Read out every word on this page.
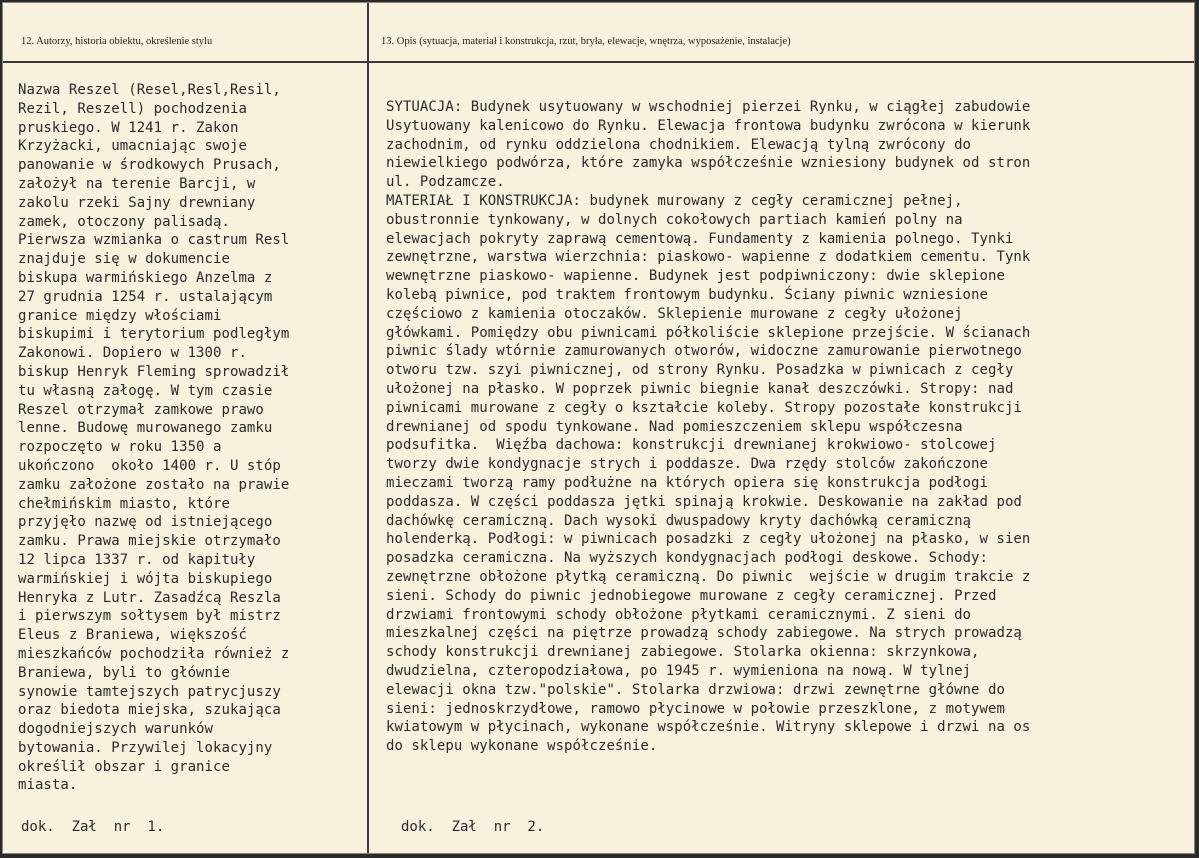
12. Autorzy, historia obiektu, określenie stylu	13. Opis (sytuacja, materiał i konstrukcja, rzut, bryła, elewacje, wnętrza, wyposażenie, instalacje)
Nazwa Reszel (Resel,Resl,Resil,
Rezil, Reszell) pochodzenia
pruskiego. W 1241 r. Zakon
Krzyżacki, umacniając swoje
panowanie w środkowych Prusach,
założył na terenie Barcji, w
zakolu rzeki Sajny drewniany
zamek, otoczony palisadą.
Pierwsza wzmianka o castrum Resl
znajduje się w dokumencie
biskupa warmińskiego Anzelma z
27 grudnia 1254 r. ustalającym
granice między włościami
biskupimi i terytorium podległym
Zakonowi. Dopiero w 1300 r.
biskup Henryk Fleming sprowadził
tu własną załogę. W tym czasie
Reszel otrzymał zamkowe prawo
lenne. Budowę murowanego zamku
rozpoczęto w roku 1350 a
ukończono  około 1400 r. U stóp
zamku założone zostało na prawie
chełmińskim miasto, które
przyjęło nazwę od istniejącego
zamku. Prawa miejskie otrzymało
12 lipca 1337 r. od kapituły
warmińskiej i wójta biskupiego
Henryka z Lutr. Zasadźcą Reszla
i pierwszym sołtysem był mistrz
Eleus z Braniewa, większość
mieszkańców pochodziła również z
Braniewa, byli to głównie
synowie tamtejszych patrycjuszy
oraz biedota miejska, szukająca
dogodniejszych warunków
bytowania. Przywilej lokacyjny
określił obszar i granice
miasta.
SYTUACJA: Budynek usytuowany w wschodniej pierzei Rynku, w ciągłej zabudowie
Usytuowany kalenicowo do Rynku. Elewacja frontowa budynku zwrócona w kierunk
zachodnim, od rynku oddzielona chodnikiem. Elewacją tylną zwrócony do
niewielkiego podwórza, które zamyka współcześnie wzniesiony budynek od stron
ul. Podzamcze.
MATERIAŁ I KONSTRUKCJA: budynek murowany z cegły ceramicznej pełnej,
obustronnie tynkowany, w dolnych cokołowych partiach kamień polny na
elewacjach pokryty zaprawą cementową. Fundamenty z kamienia polnego. Tynki
zewnętrzne, warstwa wierzchnia: piaskowo- wapienne z dodatkiem cementu. Tynk
wewnętrzne piaskowo- wapienne. Budynek jest podpiwniczony: dwie sklepione
kolebą piwnice, pod traktem frontowym budynku. Ściany piwnic wzniesione
częściowo z kamienia otoczaków. Sklepienie murowane z cegły ułożonej
główkami. Pomiędzy obu piwnicami półkoliście sklepione przejście. W ścianach
piwnic ślady wtórnie zamurowanych otworów, widoczne zamurowanie pierwotnego
otworu tzw. szyi piwnicznej, od strony Rynku. Posadzka w piwnicach z cegły
ułożonej na płasko. W poprzek piwnic biegnie kanał deszczówki. Stropy: nad
piwnicami murowane z cegły o kształcie koleby. Stropy pozostałe konstrukcji
drewnianej od spodu tynkowane. Nad pomieszczeniem sklepu współczesna
podsufitka.  Więźba dachowa: konstrukcji drewnianej krokwiowo- stolcowej
tworzy dwie kondygnacje strych i poddasze. Dwa rzędy stolców zakończone
mieczami tworzą ramy podłużne na których opiera się konstrukcja podłogi
poddasza. W części poddasza jętki spinają krokwie. Deskowanie na zakład pod
dachówkę ceramiczną. Dach wysoki dwuspadowy kryty dachówką ceramiczną
holenderką. Podłogi: w piwnicach posadzki z cegły ułożonej na płasko, w sien
posadzka ceramiczna. Na wyższych kondygnacjach podłogi deskowe. Schody:
zewnętrzne obłożone płytką ceramiczną. Do piwnic  wejście w drugim trakcie z
sieni. Schody do piwnic jednobiegowe murowane z cegły ceramicznej. Przed
drzwiami frontowymi schody obłożone płytkami ceramicznymi. Z sieni do
mieszkalnej części na piętrze prowadzą schody zabiegowe. Na strych prowadzą
schody konstrukcji drewnianej zabiegowe. Stolarka okienna: skrzynkowa,
dwudzielna, czteropodziałowa, po 1945 r. wymieniona na nową. W tylnej
elewacji okna tzw."polskie". Stolarka drzwiowa: drzwi zewnętrne główne do
sieni: jednoskrzydłowe, ramowo płycinowe w połowie przeszklone, z motywem
kwiatowym w płycinach, wykonane współcześnie. Witryny sklepowe i drzwi na os
do sklepu wykonane współcześnie.

dok.  Zał  nr  1.	dok.  Zał  nr  2.
